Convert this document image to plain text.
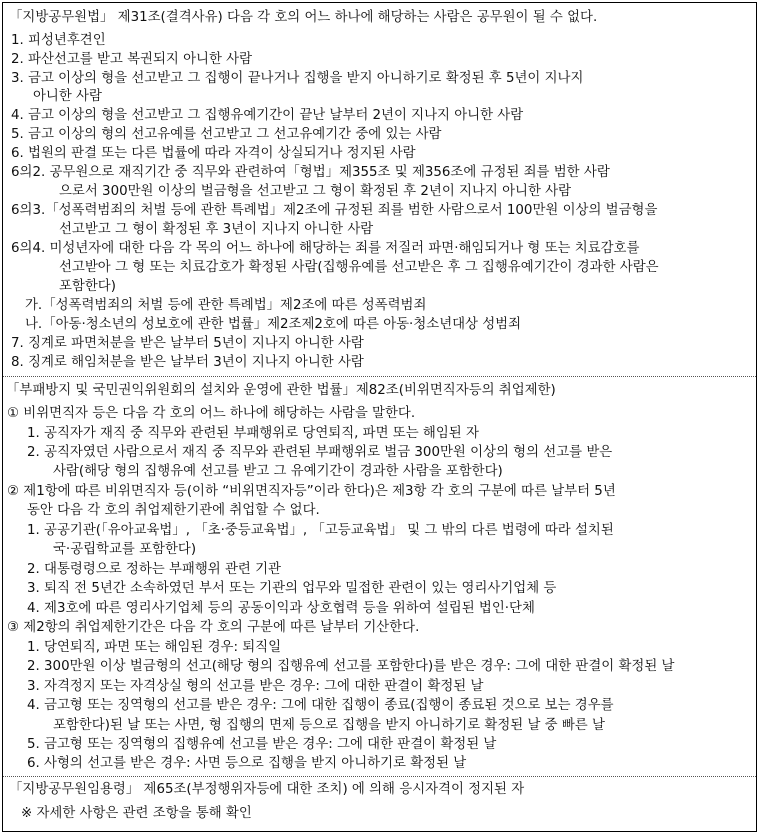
「지방공무원법」 제31조(결격사유) 다음 각 호의 어느 하나에 해당하는 사람은 공무원이 될 수 없다.
1. 피성년후견인
2. 파산선고를 받고 복권되지 아니한 사람
3. 금고 이상의 형을 선고받고 그 집행이 끝나거나 집행을 받지 아니하기로 확정된 후 5년이 지나지
아니한 사람
4. 금고 이상의 형을 선고받고 그 집행유예기간이 끝난 날부터 2년이 지나지 아니한 사람
5. 금고 이상의 형의 선고유예를 선고받고 그 선고유예기간 중에 있는 사람
6. 법원의 판결 또는 다른 법률에 따라 자격이 상실되거나 정지된 사람
6의2. 공무원으로 재직기간 중 직무와 관련하여「형법」제355조 및 제356조에 규정된 죄를 범한 사람
으로서 300만원 이상의 벌금형을 선고받고 그 형이 확정된 후 2년이 지나지 아니한 사람
6의3.「성폭력범죄의 처벌 등에 관한 특례법」제2조에 규정된 죄를 범한 사람으로서 100만원 이상의 벌금형을
선고받고 그 형이 확정된 후 3년이 지나지 아니한 사람
6의4. 미성년자에 대한 다음 각 목의 어느 하나에 해당하는 죄를 저질러 파면·해임되거나 형 또는 치료감호를
선고받아 그 형 또는 치료감호가 확정된 사람(집행유예를 선고받은 후 그 집행유예기간이 경과한 사람은
포함한다)
가.「성폭력범죄의 처벌 등에 관한 특례법」제2조에 따른 성폭력범죄
나.「아동·청소년의 성보호에 관한 법률」제2조제2호에 따른 아동·청소년대상 성범죄
7. 징계로 파면처분을 받은 날부터 5년이 지나지 아니한 사람
8. 징계로 해임처분을 받은 날부터 3년이 지나지 아니한 사람
「부패방지 및 국민권익위원회의 설치와 운영에 관한 법률」제82조(비위면직자등의 취업제한)
① 비위면직자 등은 다음 각 호의 어느 하나에 해당하는 사람을 말한다.
1. 공직자가 재직 중 직무와 관련된 부패행위로 당연퇴직, 파면 또는 해임된 자
2. 공직자였던 사람으로서 재직 중 직무와 관련된 부패행위로 벌금 300만원 이상의 형의 선고를 받은
사람(해당 형의 집행유예 선고를 받고 그 유예기간이 경과한 사람을 포함한다)
② 제1항에 따른 비위면직자 등(이하 “비위면직자등”이라 한다)은 제3항 각 호의 구분에 따른 날부터 5년
동안 다음 각 호의 취업제한기관에 취업할 수 없다.
1. 공공기관(「유아교육법」, 「초·중등교육법」, 「고등교육법」 및 그 밖의 다른 법령에 따라 설치된
국·공립학교를 포함한다)
2. 대통령령으로 정하는 부패행위 관련 기관
3. 퇴직 전 5년간 소속하였던 부서 또는 기관의 업무와 밀접한 관련이 있는 영리사기업체 등
4. 제3호에 따른 영리사기업체 등의 공동이익과 상호협력 등을 위하여 설립된 법인·단체
③ 제2항의 취업제한기간은 다음 각 호의 구분에 따른 날부터 기산한다.
1. 당연퇴직, 파면 또는 해임된 경우: 퇴직일
2. 300만원 이상 벌금형의 선고(해당 형의 집행유예 선고를 포함한다)를 받은 경우: 그에 대한 판결이 확정된 날
3. 자격정지 또는 자격상실 형의 선고를 받은 경우: 그에 대한 판결이 확정된 날
4. 금고형 또는 징역형의 선고를 받은 경우: 그에 대한 집행이 종료(집행이 종료된 것으로 보는 경우를
포함한다)된 날 또는 사면, 형 집행의 면제 등으로 집행을 받지 아니하기로 확정된 날 중 빠른 날
5. 금고형 또는 징역형의 집행유예 선고를 받은 경우: 그에 대한 판결이 확정된 날
6. 사형의 선고를 받은 경우: 사면 등으로 집행을 받지 아니하기로 확정된 날
「지방공무원임용령」 제65조(부정행위자등에 대한 조치) 에 의해 응시자격이 정지된 자
※ 자세한 사항은 관련 조항을 통해 확인
